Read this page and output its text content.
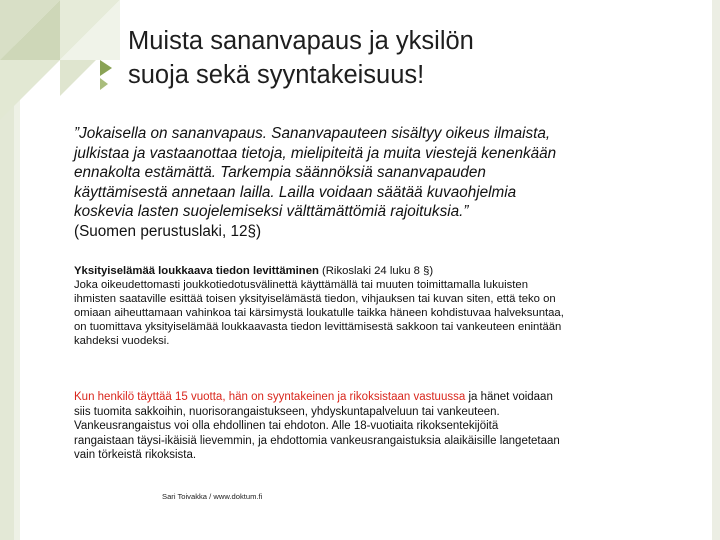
Muista sananvapaus ja yksilön
suoja sekä syyntakeisuus!

”Jokaisella on sananvapaus. Sananvapauteen sisältyy oikeus ilmaista,
julkistaa ja vastaanottaa tietoja, mielipiteitä ja muita viestejä kenenkään
ennakolta estämättä. Tarkempia säännöksiä sananvapauden
käyttämisestä annetaan lailla. Lailla voidaan säätää kuvaohjelmia
koskevia lasten suojelemiseksi välttämättömiä rajoituksia.”
(Suomen perustuslaki, 12§)

Yksityiselämää loukkaava tiedon levittäminen (Rikoslaki 24 luku 8 §)
Joka oikeudettomasti joukkotiedotusvälinettä käyttämällä tai muuten toimittamalla lukuisten
ihmisten saataville esittää toisen yksityiselämästä tiedon, vihjauksen tai kuvan siten, että teko on
omiaan aiheuttamaan vahinkoa tai kärsimystä loukatulle taikka häneen kohdistuvaa halveksuntaa,
on tuomittava yksityiselämää loukkaavasta tiedon levittämisestä sakkoon tai vankeuteen enintään
kahdeksi vuodeksi.

Kun henkilö täyttää 15 vuotta, hän on syyntakeinen ja rikoksistaan vastuussa ja hänet voidaan
siis tuomita sakkoihin, nuorisorangaistukseen, yhdyskuntapalveluun tai vankeuteen.
Vankeusrangaistus voi olla ehdollinen tai ehdoton. Alle 18-vuotiaita rikoksentekijöitä
rangaistaan täysi-ikäisiä lievemmin, ja ehdottomia vankeusrangaistuksia alaikäisille langetetaan
vain törkeistä rikoksista.

Sari Toivakka / www.doktum.fi
